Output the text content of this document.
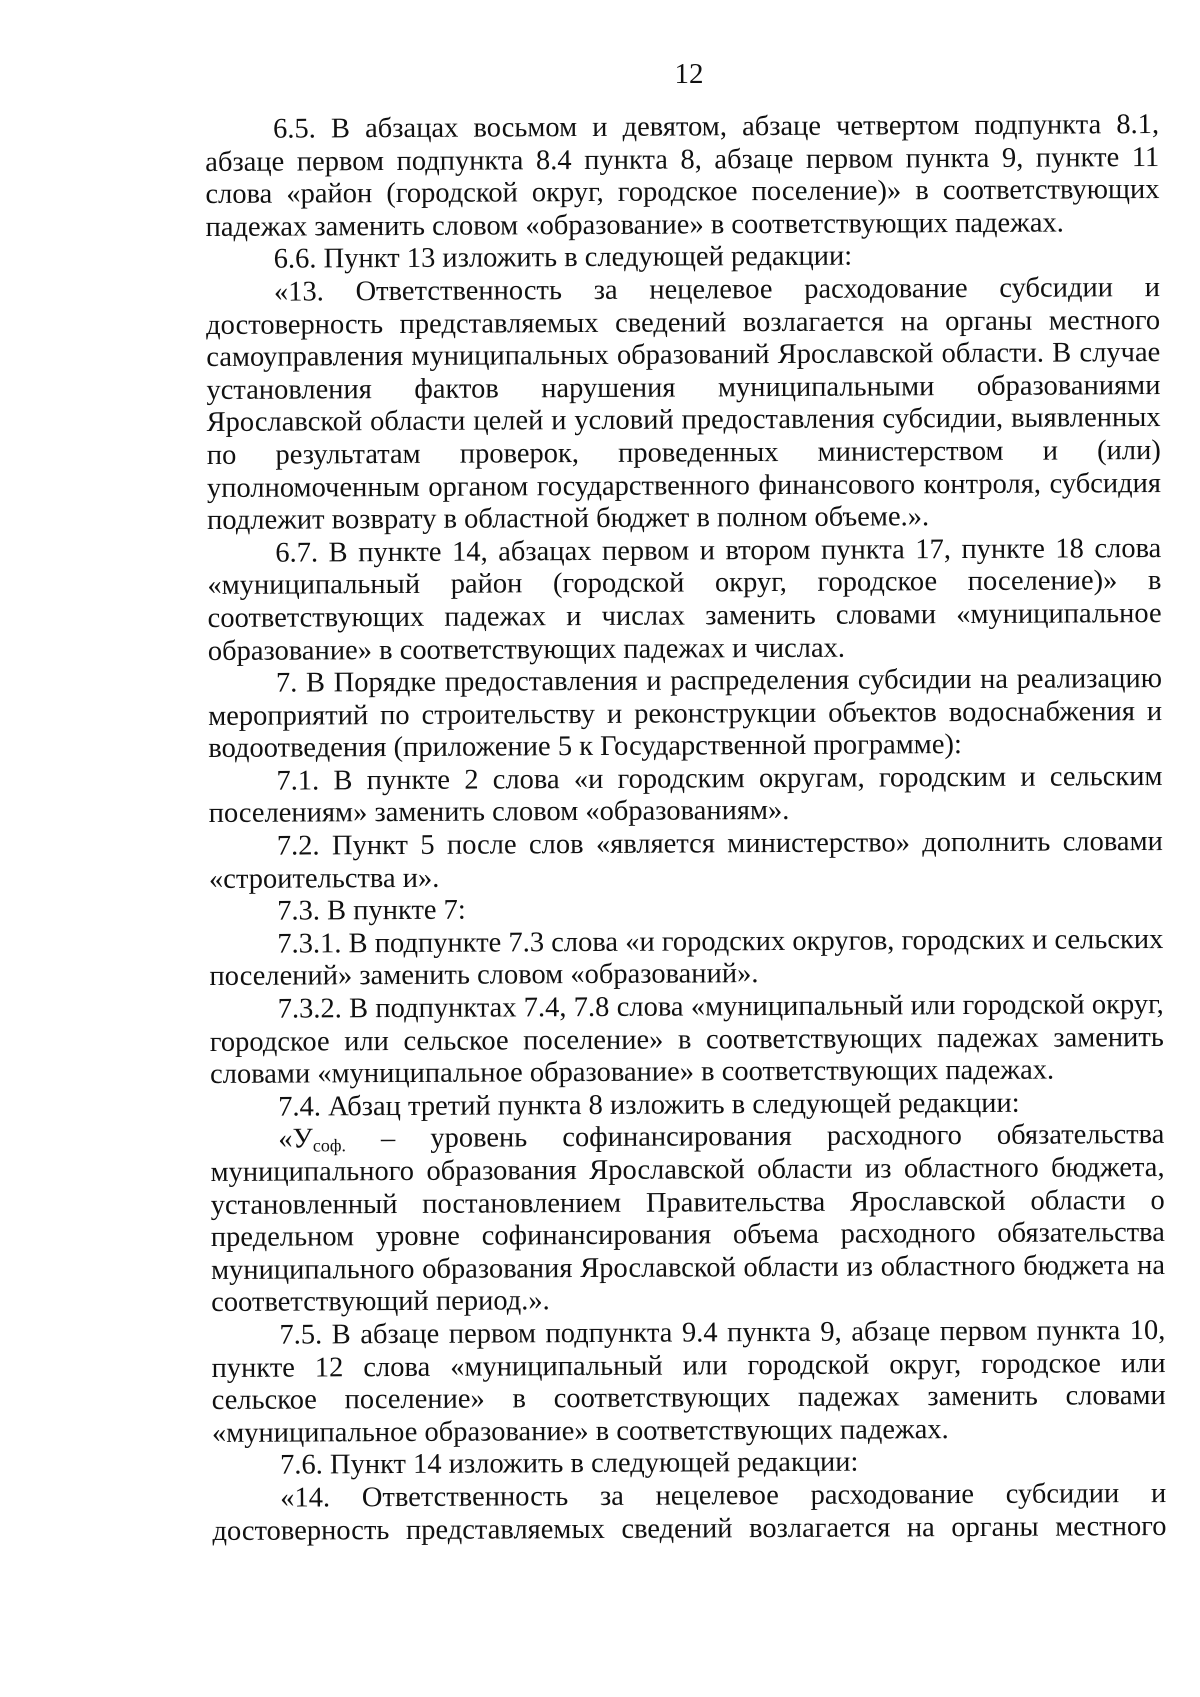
12

6.5. В абзацах восьмом и девятом, абзаце четвертом подпункта 8.1, абзаце первом подпункта 8.4 пункта 8, абзаце первом пункта 9, пункте 11 слова «район (городской округ, городское поселение)» в соответствующих падежах заменить словом «образование» в соответствующих падежах.

6.6. Пункт 13 изложить в следующей редакции:

«13. Ответственность за нецелевое расходование субсидии и достоверность представляемых сведений возлагается на органы местного самоуправления муниципальных образований Ярославской области. В случае установления фактов нарушения муниципальными образованиями Ярославской области целей и условий предоставления субсидии, выявленных по результатам проверок, проведенных министерством и (или) уполномоченным органом государственного финансового контроля, субсидия подлежит возврату в областной бюджет в полном объеме.».

6.7. В пункте 14, абзацах первом и втором пункта 17, пункте 18 слова «муниципальный район (городской округ, городское поселение)» в соответствующих падежах и числах заменить словами «муниципальное образование» в соответствующих падежах и числах.

7. В Порядке предоставления и распределения субсидии на реализацию мероприятий по строительству и реконструкции объектов водоснабжения и водоотведения (приложение 5 к Государственной программе):

7.1. В пункте 2 слова «и городским округам, городским и сельским поселениям» заменить словом «образованиям».

7.2. Пункт 5 после слов «является министерство» дополнить словами «строительства и».

7.3. В пункте 7:

7.3.1. В подпункте 7.3 слова «и городских округов, городских и сельских поселений» заменить словом «образований».

7.3.2. В подпунктах 7.4, 7.8 слова «муниципальный или городской округ, городское или сельское поселение» в соответствующих падежах заменить словами «муниципальное образование» в соответствующих падежах.

7.4. Абзац третий пункта 8 изложить в следующей редакции:

«$У_{соф.}$ – уровень софинансирования расходного обязательства муниципального образования Ярославской области из областного бюджета, установленный постановлением Правительства Ярославской области о предельном уровне софинансирования объема расходного обязательства муниципального образования Ярославской области из областного бюджета на соответствующий период.».

7.5. В абзаце первом подпункта 9.4 пункта 9, абзаце первом пункта 10, пункте 12 слова «муниципальный или городской округ, городское или сельское поселение» в соответствующих падежах заменить словами «муниципальное образование» в соответствующих падежах.

7.6. Пункт 14 изложить в следующей редакции:

«14. Ответственность за нецелевое расходование субсидии и достоверность представляемых сведений возлагается на органы местного
